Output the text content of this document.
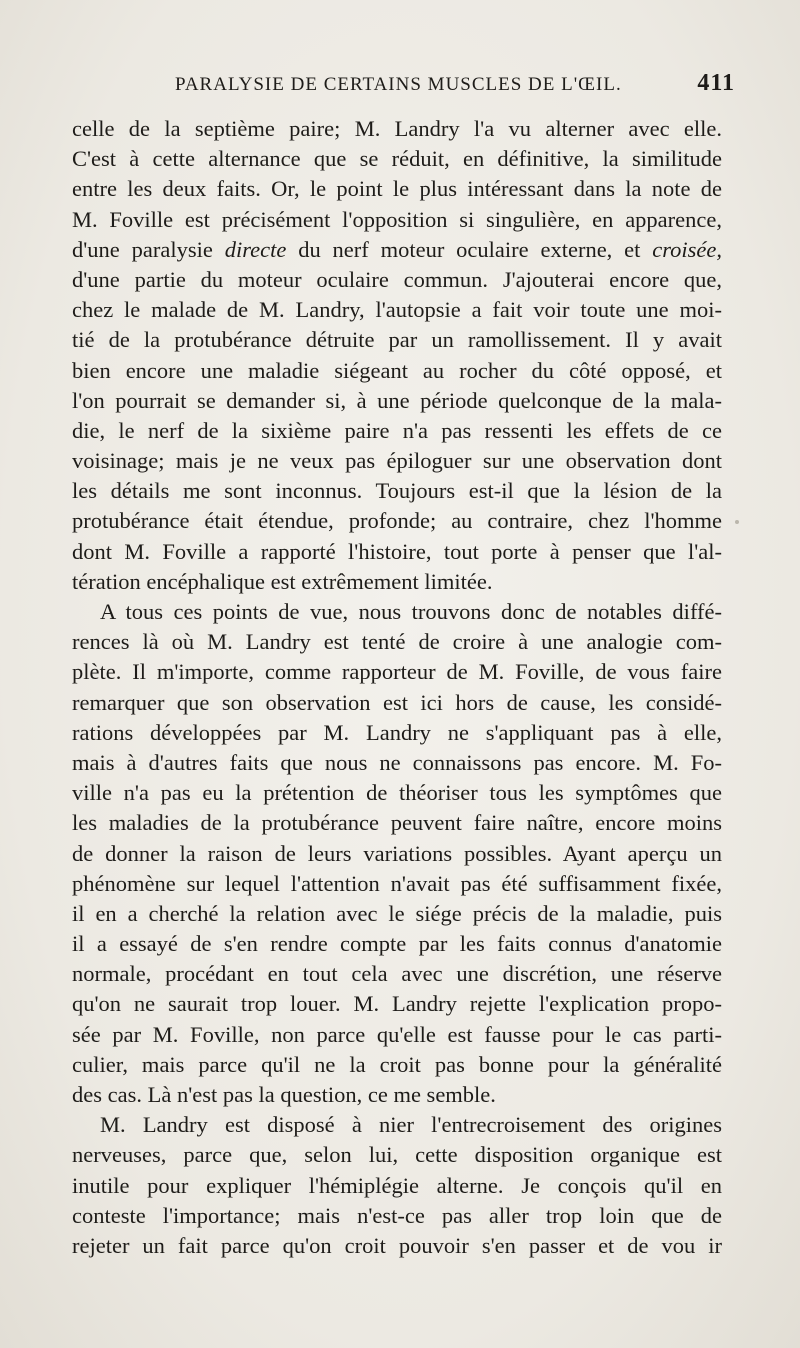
PARALYSIE DE CERTAINS MUSCLES DE L'ŒIL.	411
celle de la septième paire; M. Landry l'a vu alterner avec elle.
C'est à cette alternance que se réduit, en définitive, la similitude
entre les deux faits. Or, le point le plus intéressant dans la note de
M. Foville est précisément l'opposition si singulière, en apparence,
d'une paralysie directe du nerf moteur oculaire externe, et croisée,
d'une partie du moteur oculaire commun. J'ajouterai encore que,
chez le malade de M. Landry, l'autopsie a fait voir toute une moi-
tié de la protubérance détruite par un ramollissement. Il y avait
bien encore une maladie siégeant au rocher du côté opposé, et
l'on pourrait se demander si, à une période quelconque de la mala-
die, le nerf de la sixième paire n'a pas ressenti les effets de ce
voisinage; mais je ne veux pas épiloguer sur une observation dont
les détails me sont inconnus. Toujours est-il que la lésion de la
protubérance était étendue, profonde; au contraire, chez l'homme
dont M. Foville a rapporté l'histoire, tout porte à penser que l'al-
tération encéphalique est extrêmement limitée.
A tous ces points de vue, nous trouvons donc de notables diffé-
rences là où M. Landry est tenté de croire à une analogie com-
plète. Il m'importe, comme rapporteur de M. Foville, de vous faire
remarquer que son observation est ici hors de cause, les considé-
rations développées par M. Landry ne s'appliquant pas à elle,
mais à d'autres faits que nous ne connaissons pas encore. M. Fo-
ville n'a pas eu la prétention de théoriser tous les symptômes que
les maladies de la protubérance peuvent faire naître, encore moins
de donner la raison de leurs variations possibles. Ayant aperçu un
phénomène sur lequel l'attention n'avait pas été suffisamment fixée,
il en a cherché la relation avec le siége précis de la maladie, puis
il a essayé de s'en rendre compte par les faits connus d'anatomie
normale, procédant en tout cela avec une discrétion, une réserve
qu'on ne saurait trop louer. M. Landry rejette l'explication propo-
sée par M. Foville, non parce qu'elle est fausse pour le cas parti-
culier, mais parce qu'il ne la croit pas bonne pour la généralité
des cas. Là n'est pas la question, ce me semble.
M. Landry est disposé à nier l'entrecroisement des origines
nerveuses, parce que, selon lui, cette disposition organique est
inutile pour expliquer l'hémiplégie alterne. Je conçois qu'il en
conteste l'importance; mais n'est-ce pas aller trop loin que de
rejeter un fait parce qu'on croit pouvoir s'en passer et de vou ir
